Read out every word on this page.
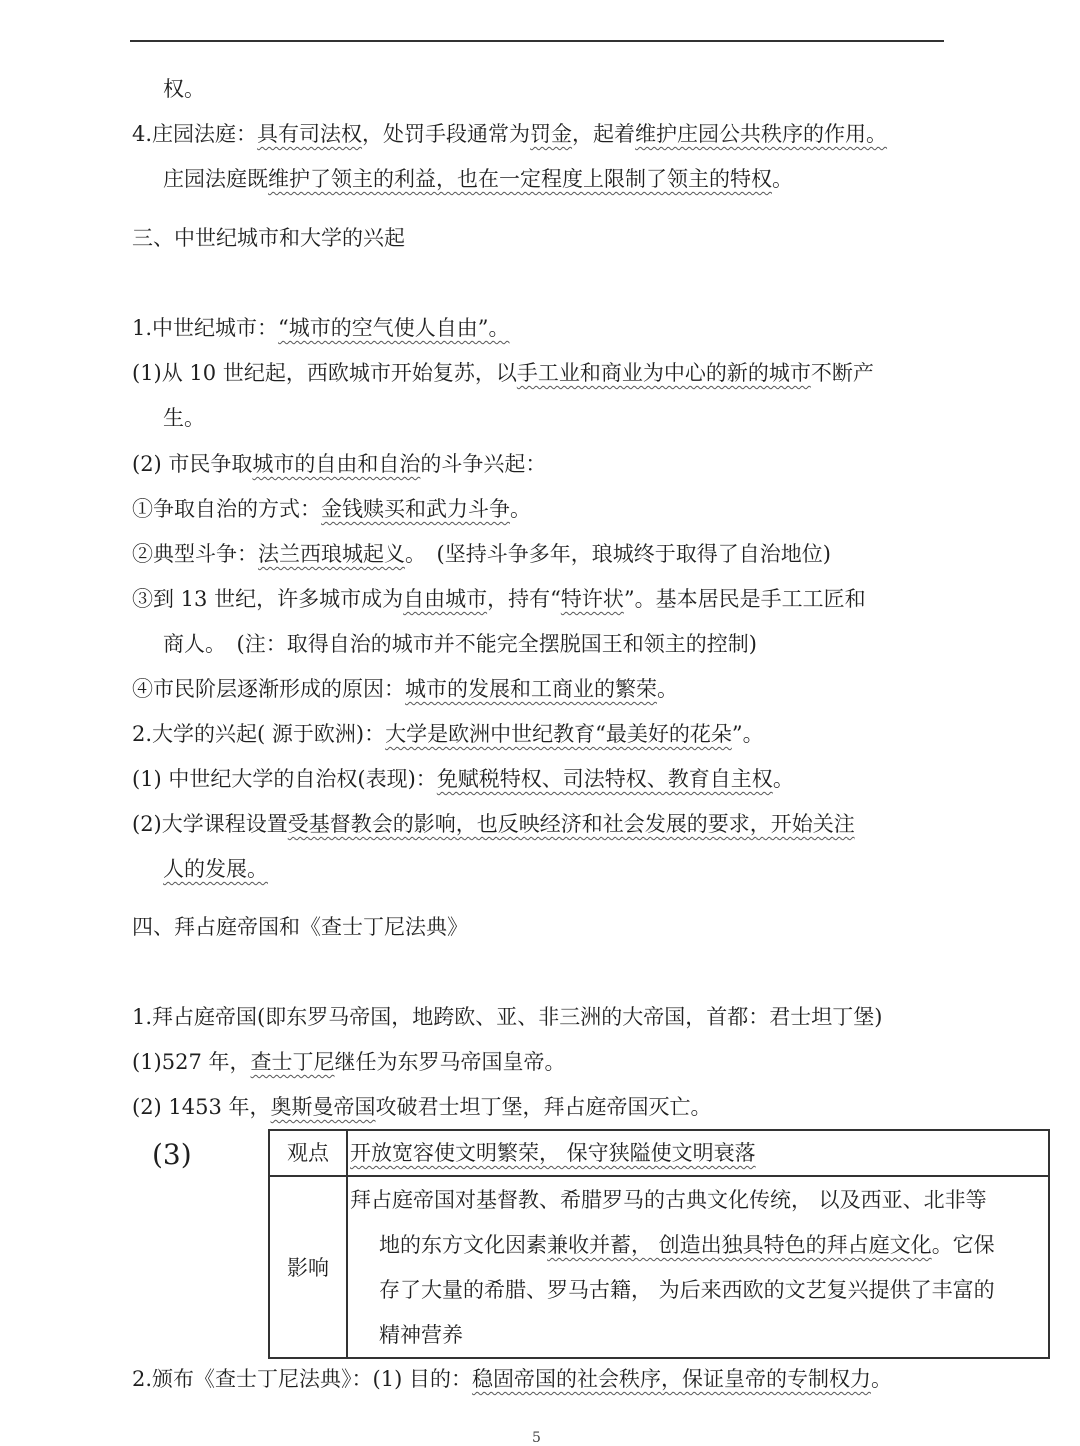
权。
4.庄园法庭：具有司法权，处罚手段通常为罚金，起着维护庄园公共秩序的作用。
庄园法庭既维护了领主的利益，也在一定程度上限制了领主的特权。
三、中世纪城市和大学的兴起
1.中世纪城市：“城市的空气使人自由”。
(1)从 10 世纪起，西欧城市开始复苏，以手工业和商业为中心的新的城市不断产
生。
(2) 市民争取城市的自由和自治的斗争兴起：
①争取自治的方式：金钱赎买和武力斗争。
②典型斗争：法兰西琅城起义。　(坚持斗争多年，琅城终于取得了自治地位)
③到 13 世纪，许多城市成为自由城市，持有“特许状”。基本居民是手工工匠和
商人。　(注：取得自治的城市并不能完全摆脱国王和领主的控制)
④市民阶层逐渐形成的原因：城市的发展和工商业的繁荣。
2.大学的兴起( 源于欧洲)：大学是欧洲中世纪教育“最美好的花朵”。
(1) 中世纪大学的自治权(表现)：免赋税特权、司法特权、教育自主权。
(2)大学课程设置受基督教会的影响，也反映经济和社会发展的要求，开始关注
人的发展。
四、拜占庭帝国和《查士丁尼法典》
1.拜占庭帝国(即东罗马帝国，地跨欧、亚、非三洲的大帝国，首都：君士坦丁堡)
(1)527 年，查士丁尼继任为东罗马帝国皇帝。
(2) 1453 年，奥斯曼帝国攻破君士坦丁堡，拜占庭帝国灭亡。
(3)	观点	开放宽容使文明繁荣， 保守狭隘使文明衰落
影响	拜占庭帝国对基督教、希腊罗马的古典文化传统， 以及西亚、北非等
地的东方文化因素兼收并蓄， 创造出独具特色的拜占庭文化。它保
存了大量的希腊、罗马古籍， 为后来西欧的文艺复兴提供了丰富的
精神营养
2.颁布《查士丁尼法典》：(1) 目的：稳固帝国的社会秩序，保证皇帝的专制权力。
5
